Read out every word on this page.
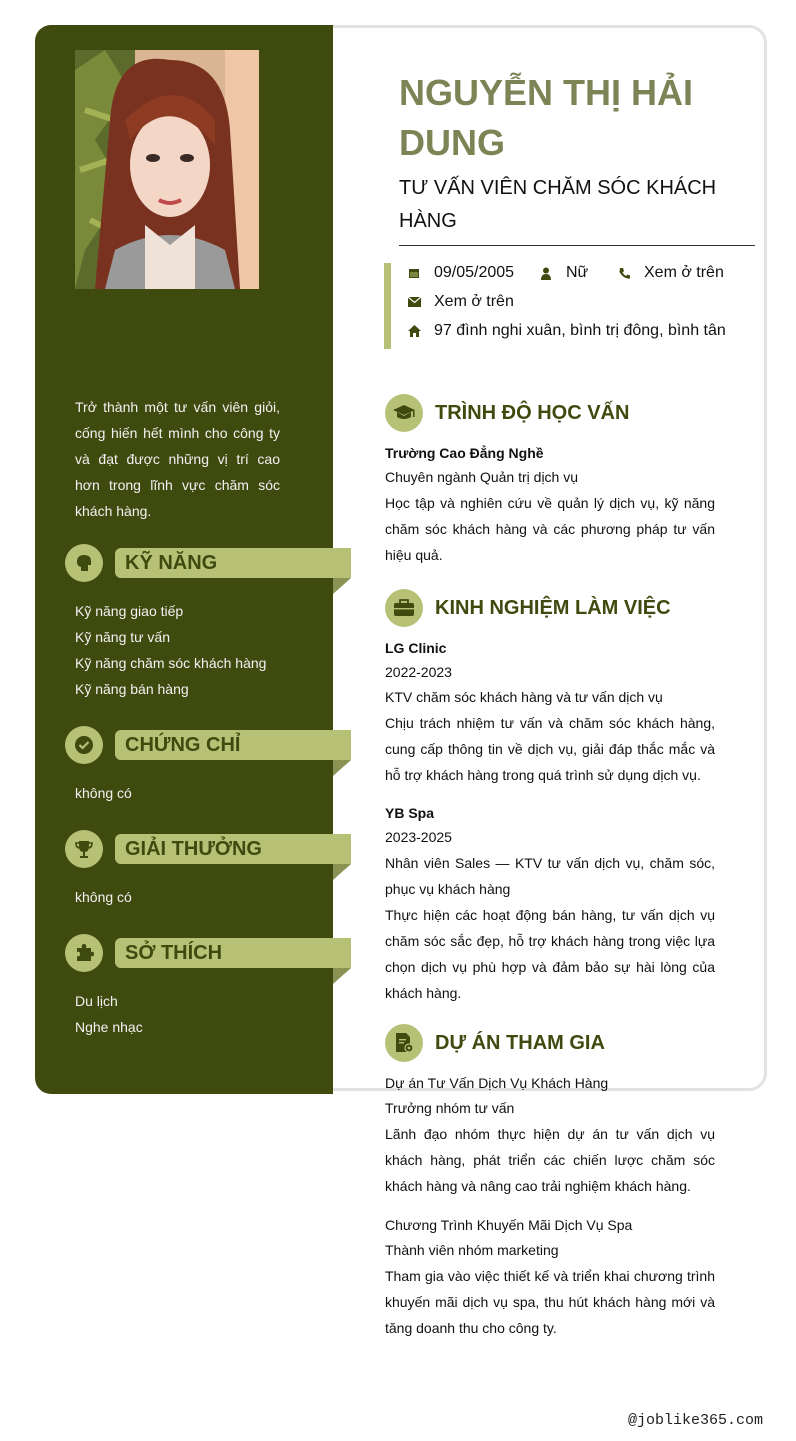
Trở thành một tư vấn viên giỏi, cống hiến hết mình cho công ty và đạt được những vị trí cao hơn trong lĩnh vực chăm sóc khách hàng.
KỸ NĂNG
Kỹ năng giao tiếp
Kỹ năng tư vấn
Kỹ năng chăm sóc khách hàng
Kỹ năng bán hàng
CHỨNG CHỈ
không có
GIẢI THƯỞNG
không có
SỞ THÍCH
Du lịch
Nghe nhạc
NGUYỄN THỊ HẢI DUNG
TƯ VẤN VIÊN CHĂM SÓC KHÁCH HÀNG
09/05/2005	Nữ	Xem ở trên
Xem ở trên
97 đình nghi xuân, bình trị đông, bình tân
TRÌNH ĐỘ HỌC VẤN
Trường Cao Đẳng Nghề
Chuyên ngành Quản trị dịch vụ
Học tập và nghiên cứu về quản lý dịch vụ, kỹ năng chăm sóc khách hàng và các phương pháp tư vấn hiệu quả.
KINH NGHIỆM LÀM VIỆC
LG Clinic
2022-2023
KTV chăm sóc khách hàng và tư vấn dịch vụ
Chịu trách nhiệm tư vấn và chăm sóc khách hàng, cung cấp thông tin về dịch vụ, giải đáp thắc mắc và hỗ trợ khách hàng trong quá trình sử dụng dịch vụ.
YB Spa
2023-2025
Nhân viên Sales — KTV tư vấn dịch vụ, chăm sóc, phục vụ khách hàng
Thực hiện các hoạt động bán hàng, tư vấn dịch vụ chăm sóc sắc đẹp, hỗ trợ khách hàng trong việc lựa chọn dịch vụ phù hợp và đảm bảo sự hài lòng của khách hàng.
DỰ ÁN THAM GIA
Dự án Tư Vấn Dịch Vụ Khách Hàng
Trưởng nhóm tư vấn
Lãnh đạo nhóm thực hiện dự án tư vấn dịch vụ khách hàng, phát triển các chiến lược chăm sóc khách hàng và nâng cao trải nghiệm khách hàng.
Chương Trình Khuyến Mãi Dịch Vụ Spa
Thành viên nhóm marketing
Tham gia vào việc thiết kế và triển khai chương trình khuyến mãi dịch vụ spa, thu hút khách hàng mới và tăng doanh thu cho công ty.
@joblike365.com
